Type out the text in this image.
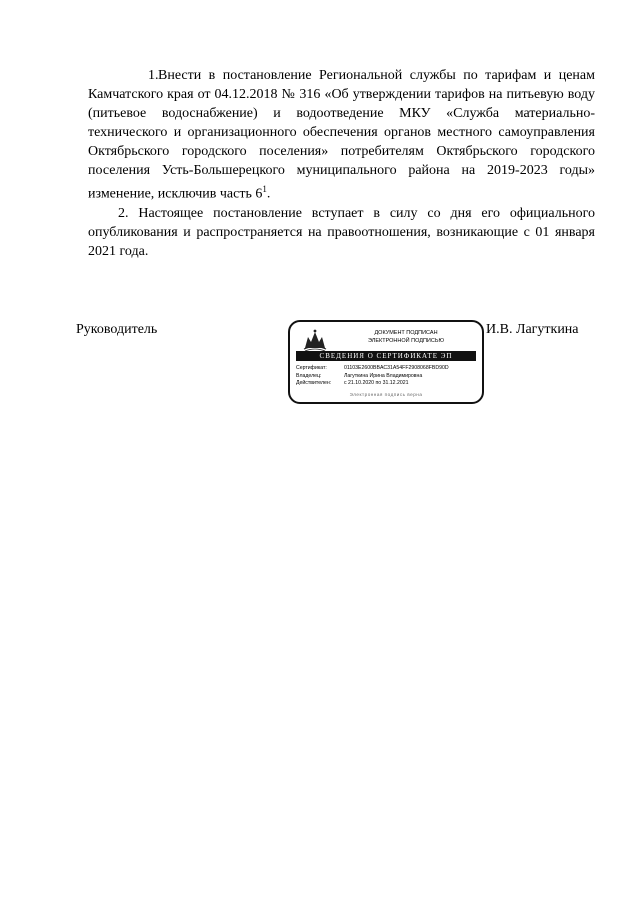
1.Внести в постановление Региональной службы по тарифам и ценам Камчатского края от 04.12.2018 № 316 «Об утверждении тарифов на питьевую воду (питьевое водоснабжение) и водоотведение МКУ «Служба материально-технического и организационного обеспечения органов местного самоуправления Октябрьского городского поселения» потребителям Октябрьского городского поселения Усть-Большерецкого муниципального района на 2019-2023 годы» изменение, исключив часть $6^1$.

2. Настоящее постановление вступает в силу со дня его официального опубликования и распространяется на правоотношения, возникающие с 01 января 2021 года.

Руководитель	ДОКУМЕНТ ПОДПИСАН
ЭЛЕКТРОННОЙ ПОДПИСЬЮ
СВЕДЕНИЯ О СЕРТИФИКАТЕ ЭП
Сертификат:	01103E2600BBAC31A54FF2908068FBD90D
Владелец:	Лагуткина Ирина Владимировна
Действителен:	с 21.10.2020 по 31.12.2021
Электронная подпись верна
И.В. Лагуткина
